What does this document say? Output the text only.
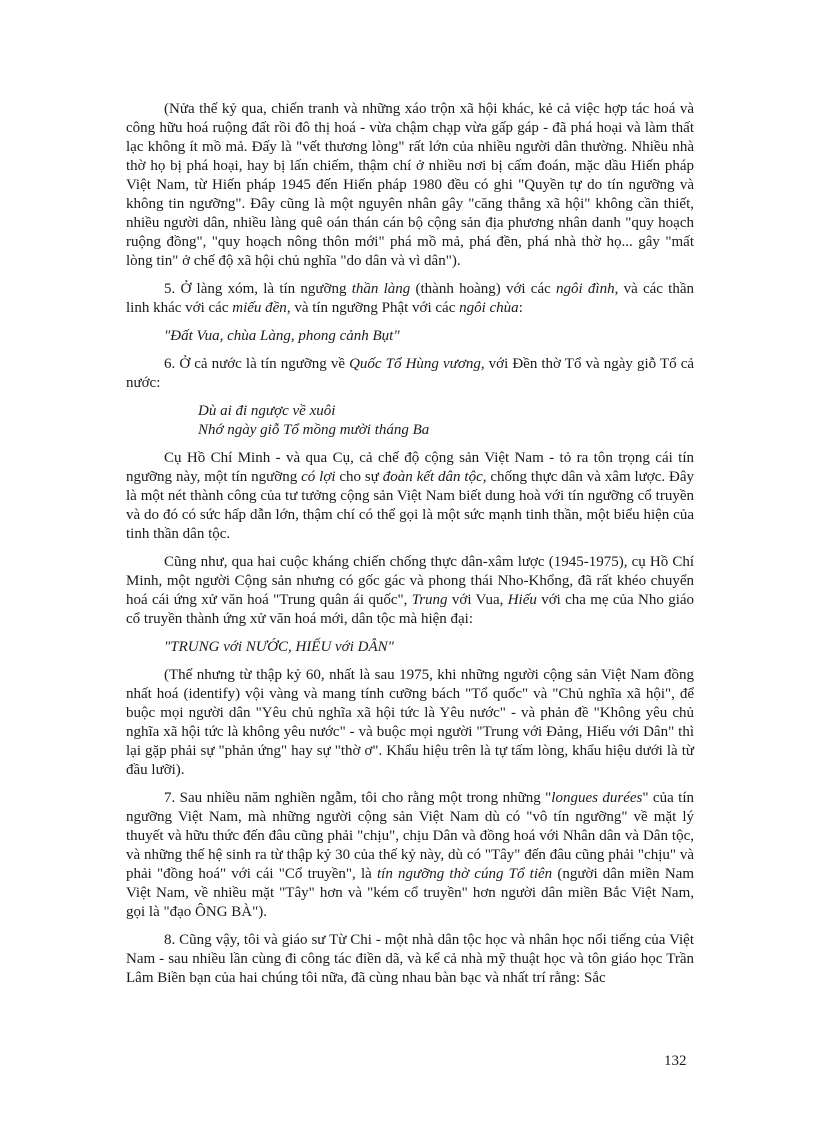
(Nửa thế kỷ qua, chiến tranh và những xáo trộn xã hội khác, kẻ cả việc hợp tác hoá và công hữu hoá ruộng đất rồi đô thị hoá - vừa chậm chạp vừa gấp gáp - đã phá hoại và làm thất lạc không ít mồ mả. Đấy là "vết thương lòng" rất lớn của nhiều người dân thường. Nhiều nhà thờ họ bị phá hoại, hay bị lấn chiếm, thậm chí ở nhiều nơi bị cấm đoán, mặc dầu Hiến pháp Việt Nam, từ Hiến pháp 1945 đến Hiến pháp 1980 đều có ghi "Quyền tự do tín ngưỡng và không tin ngưỡng". Đây cũng là một nguyên nhân gây "căng thẳng xã hội" không cần thiết, nhiều người dân, nhiều làng quê oán thán cán bộ cộng sản địa phương nhân danh "quy hoạch ruộng đồng", "quy hoạch nông thôn mới" phá mồ mả, phá đền, phá nhà thờ họ... gây "mất lòng tin" ở chế độ xã hội chủ nghĩa "do dân và vì dân").

5. Ở làng xóm, là tín ngưỡng thần làng (thành hoàng) với các ngôi đình, và các thần linh khác với các miếu đền, và tín ngưỡng Phật với các ngôi chùa:

"Đất Vua, chùa Làng, phong cảnh Bụt"

6. Ở cả nước là tín ngưỡng về Quốc Tổ Hùng vương, với Đền thờ Tổ và ngày giỗ Tổ cả nước:

Dù ai đi ngược về xuôi
Nhớ ngày giỗ Tổ mồng mười tháng Ba

Cụ Hồ Chí Minh - và qua Cụ, cả chế độ cộng sản Việt Nam - tỏ ra tôn trọng cái tín ngưỡng này, một tín ngưỡng có lợi cho sự đoàn kết dân tộc, chống thực dân và xâm lược. Đây là một nét thành công của tư tưởng cộng sản Việt Nam biết dung hoà với tín ngưỡng cổ truyền và do đó có sức hấp dẫn lớn, thậm chí có thể gọi là một sức mạnh tinh thần, một biểu hiện của tinh thần dân tộc.

Cũng như, qua hai cuộc kháng chiến chống thực dân-xâm lược (1945-1975), cụ Hồ Chí Minh, một người Cộng sản nhưng có gốc gác và phong thái Nho-Khổng, đã rất khéo chuyển hoá cái ứng xử văn hoá "Trung quân ái quốc", Trung với Vua, Hiếu với cha mẹ của Nho giáo cổ truyền thành ứng xử văn hoá mới, dân tộc mà hiện đại:

"TRUNG với NƯỚC, HIẾU với DÂN"

(Thế nhưng từ thập kỷ 60, nhất là sau 1975, khi những người cộng sản Việt Nam đồng nhất hoá (identify) vội vàng và mang tính cưỡng bách "Tổ quốc" và "Chủ nghĩa xã hội", để buộc mọi người dân "Yêu chủ nghĩa xã hội tức là Yêu nước" - và phản đề "Không yêu chủ nghĩa xã hội tức là không yêu nước" - và buộc mọi người "Trung với Đảng, Hiếu với Dân" thì lại gặp phải sự "phản ứng" hay sự "thờ ơ". Khẩu hiệu trên là tự tấm lòng, khẩu hiệu dưới là từ đầu lưỡi).

7. Sau nhiều năm nghiền ngẫm, tôi cho rằng một trong những "longues durées" của tín ngưỡng Việt Nam, mà những người cộng sản Việt Nam dù có "vô tín ngưỡng" về mặt lý thuyết và hữu thức đến đâu cũng phải "chịu", chịu Dân và đồng hoá với Nhân dân và Dân tộc, và những thế hệ sinh ra từ thập kỷ 30 của thế kỷ này, dù có "Tây" đến đâu cũng phải "chịu" và phải "đồng hoá" với cái "Cổ truyền", là tín ngưỡng thờ cúng Tổ tiên (người dân miền Nam Việt Nam, về nhiều mặt "Tây" hơn và "kém cổ truyền" hơn người dân miền Bắc Việt Nam, gọi là "đạo ÔNG BÀ").

8. Cũng vậy, tôi và giáo sư Từ Chi - một nhà dân tộc học và nhân học nổi tiếng của Việt Nam - sau nhiều lần cùng đi công tác điền dã, và kể cả nhà mỹ thuật học và tôn giáo học Trần Lâm Biền bạn của hai chúng tôi nữa, đã cùng nhau bàn bạc và nhất trí rằng: Sắc

132
